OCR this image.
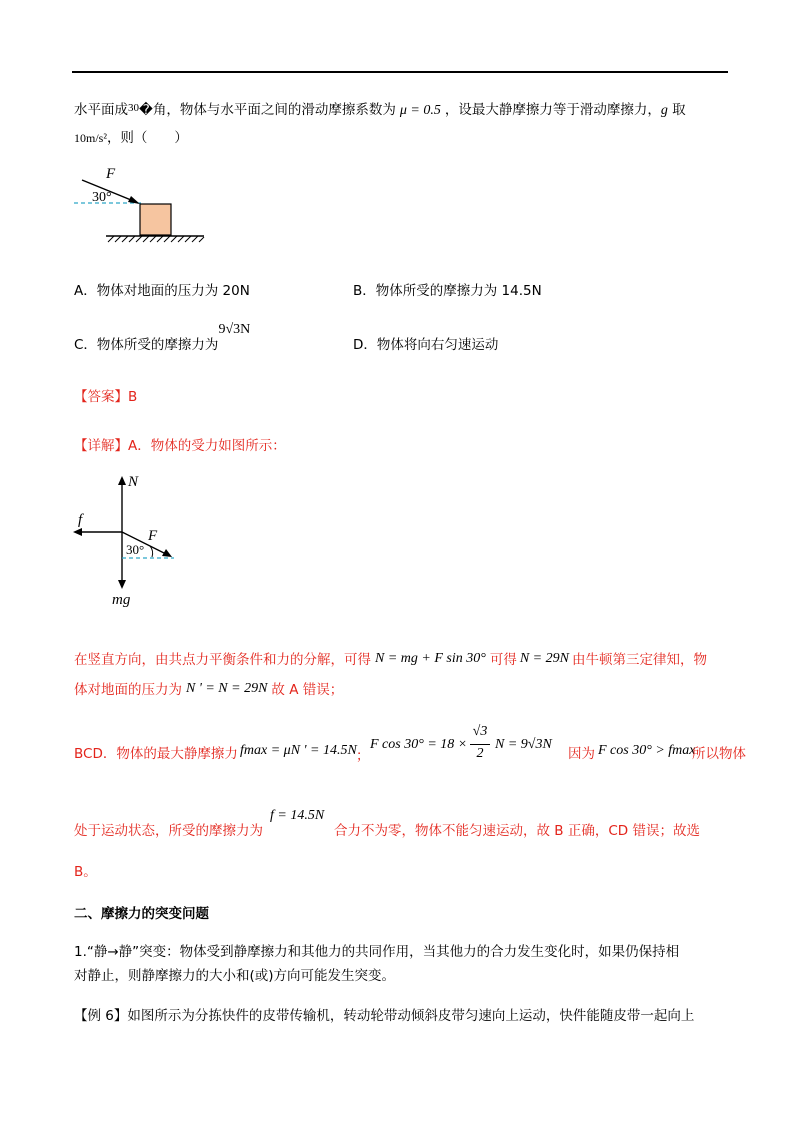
水平面成$^{30}$�角，物体与水平面之间的滑动摩擦系数为 μ = 0.5 ，设最大静摩擦力等于滑动摩擦力，g 取
10m/s²，则（　　）
F
30°
A．物体对地面的压力为 20N	B．物体所受的摩擦力为 14.5N
C．物体所受的摩擦力为9√3N
D．物体将向右匀速运动
【答案】B
【详解】A．物体的受力如图所示：
N
f
mg
F
30°
在竖直方向，由共点力平衡条件和力的分解，可得 N = mg + F sin 30° 可得 N = 29N 由牛顿第三定律知，物
体对地面的压力为 N ' = N = 29N 故 A 错误；
BCD．物体的最大静摩擦力 fmax = μN ' = 14.5N ；
F cos 30° = 18 ×
√3
2
N = 9√3N
因为 F cos 30° > fmax
所以物体
处于运动状态，所受的摩擦力为
f = 14.5N
合力不为零，物体不能匀速运动，故 B 正确，CD 错误；故选
B。
二、摩擦力的突变问题
1.“静→静”突变：物体受到静摩擦力和其他力的共同作用，当其他力的合力发生变化时，如果仍保持相
对静止，则静摩擦力的大小和(或)方向可能发生突变。
【例 6】如图所示为分拣快件的皮带传输机，转动轮带动倾斜皮带匀速向上运动，快件能随皮带一起向上
